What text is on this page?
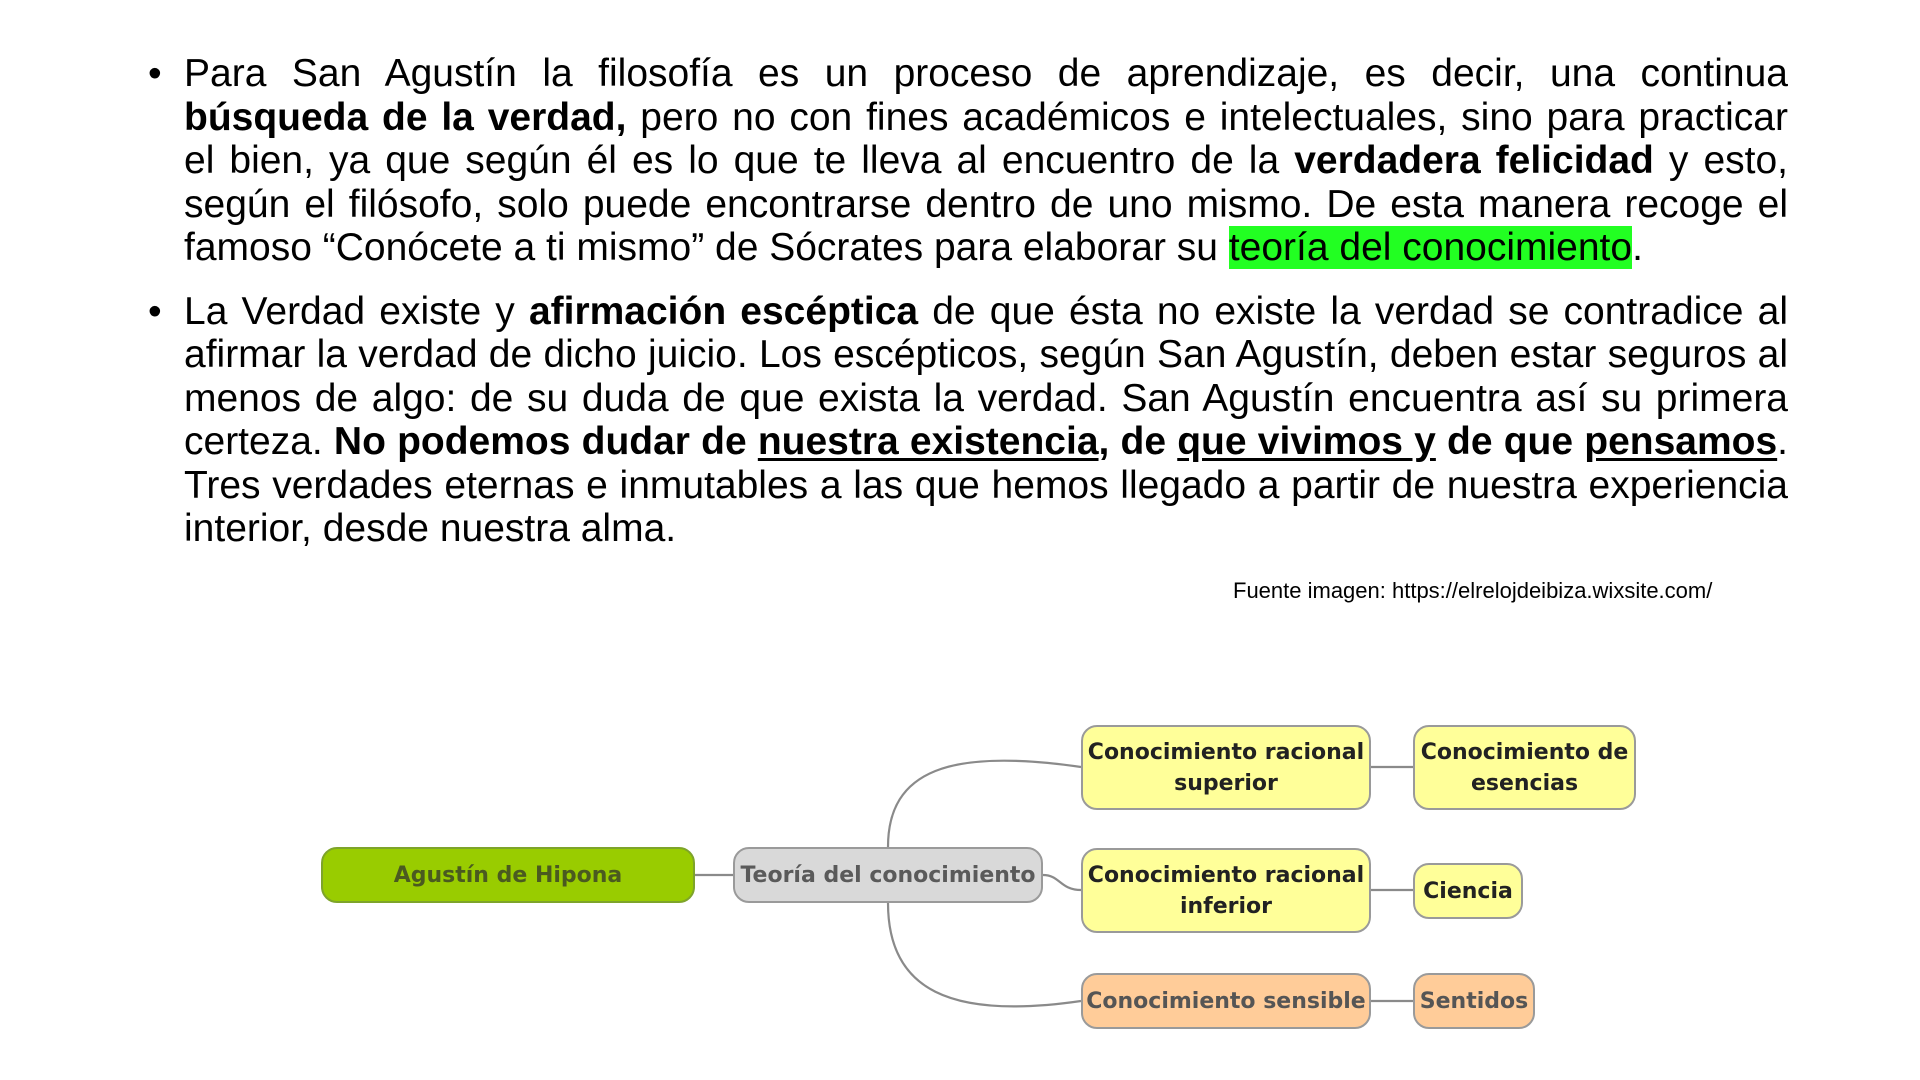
• Para San Agustín la filosofía es un proceso de aprendizaje, es decir, una continua búsqueda de la verdad, pero no con fines académicos e intelectuales, sino para practicar el bien, ya que según él es lo que te lleva al encuentro de la verdadera felicidad y esto, según el filósofo, solo puede encontrarse dentro de uno mismo. De esta manera recoge el famoso “Conócete a ti mismo” de Sócrates para elaborar su teoría del conocimiento.
• La Verdad existe y afirmación escéptica de que ésta no existe la verdad se contradice al afirmar la verdad de dicho juicio. Los escépticos, según San Agustín, deben estar seguros al menos de algo: de su duda de que exista la verdad. San Agustín encuentra así su primera certeza. No podemos dudar de nuestra existencia, de que vivimos y de que pensamos. Tres verdades eternas e inmutables a las que hemos llegado a partir de nuestra experiencia interior, desde nuestra alma.
Fuente imagen: https://elrelojdeibiza.wixsite.com/
Agustín de Hipona	Teoría del conocimiento
Conocimiento racional superior
Conocimiento racional inferior
Conocimiento sensible
Conocimiento de esencias
Ciencia
Sentidos
